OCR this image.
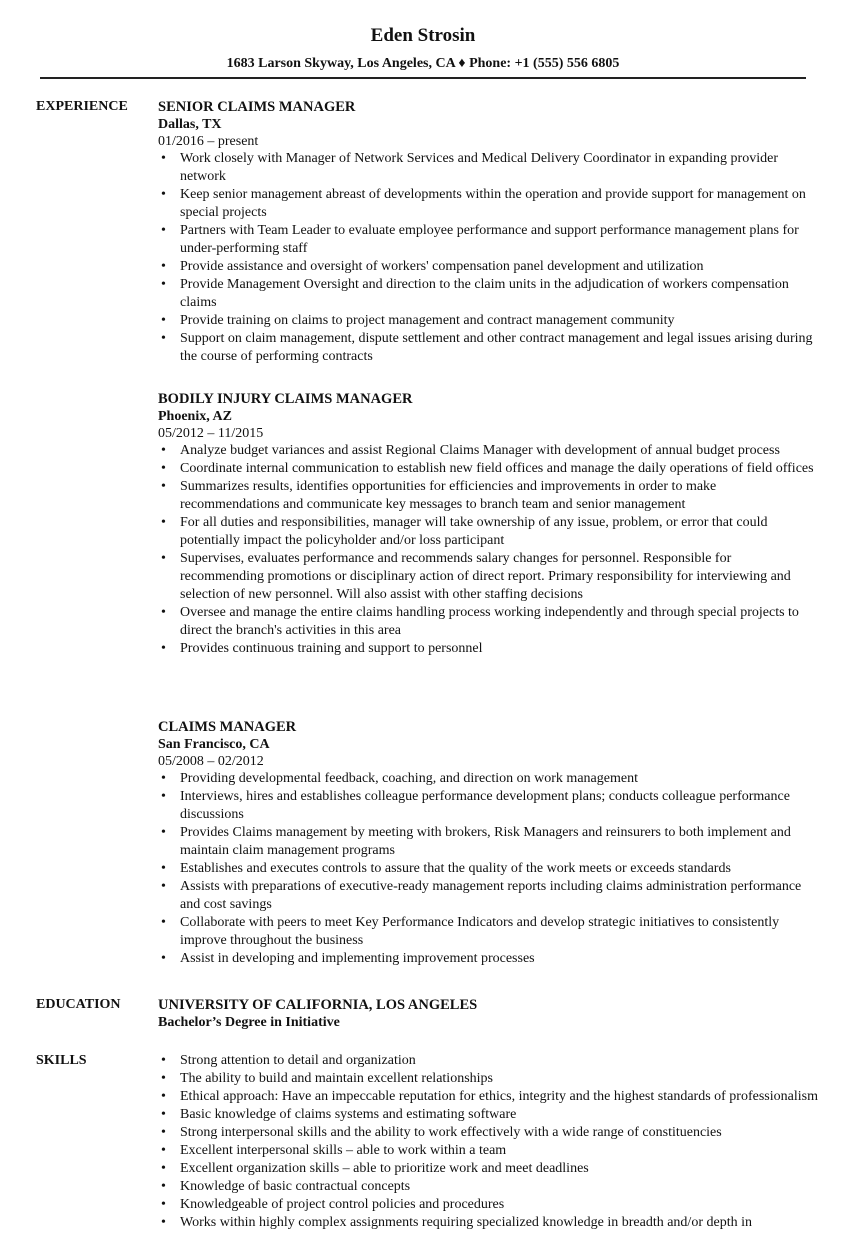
Eden Strosin
1683 Larson Skyway, Los Angeles, CA ♦ Phone: +1 (555) 556 6805
EXPERIENCE SENIOR CLAIMS MANAGER
Dallas, TX
01/2016 – present
• Work closely with Manager of Network Services and Medical Delivery Coordinator in expanding provider network
• Keep senior management abreast of developments within the operation and provide support for management on special projects
• Partners with Team Leader to evaluate employee performance and support performance management plans for under-performing staff
• Provide assistance and oversight of workers' compensation panel development and utilization
• Provide Management Oversight and direction to the claim units in the adjudication of workers compensation claims
• Provide training on claims to project management and contract management community
• Support on claim management, dispute settlement and other contract management and legal issues arising during the course of performing contracts
BODILY INJURY CLAIMS MANAGER
Phoenix, AZ
05/2012 – 11/2015
• Analyze budget variances and assist Regional Claims Manager with development of annual budget process
• Coordinate internal communication to establish new field offices and manage the daily operations of field offices
• Summarizes results, identifies opportunities for efficiencies and improvements in order to make recommendations and communicate key messages to branch team and senior management
• For all duties and responsibilities, manager will take ownership of any issue, problem, or error that could potentially impact the policyholder and/or loss participant
• Supervises, evaluates performance and recommends salary changes for personnel. Responsible for recommending promotions or disciplinary action of direct report. Primary responsibility for interviewing and selection of new personnel. Will also assist with other staffing decisions
• Oversee and manage the entire claims handling process working independently and through special projects to direct the branch's activities in this area
• Provides continuous training and support to personnel
CLAIMS MANAGER
San Francisco, CA
05/2008 – 02/2012
• Providing developmental feedback, coaching, and direction on work management
• Interviews, hires and establishes colleague performance development plans; conducts colleague performance discussions
• Provides Claims management by meeting with brokers, Risk Managers and reinsurers to both implement and maintain claim management programs
• Establishes and executes controls to assure that the quality of the work meets or exceeds standards
• Assists with preparations of executive-ready management reports including claims administration performance and cost savings
• Collaborate with peers to meet Key Performance Indicators and develop strategic initiatives to consistently improve throughout the business
• Assist in developing and implementing improvement processes
EDUCATION	UNIVERSITY OF CALIFORNIA, LOS ANGELES
Bachelor’s Degree in Initiative
SKILLS
•	Strong attention to detail and organization
• The ability to build and maintain excellent relationships
• Ethical approach: Have an impeccable reputation for ethics, integrity and the highest standards of professionalism
• Basic knowledge of claims systems and estimating software
• Strong interpersonal skills and the ability to work effectively with a wide range of constituencies
• Excellent interpersonal skills – able to work within a team
• Excellent organization skills – able to prioritize work and meet deadlines
• Knowledge of basic contractual concepts
• Knowledgeable of project control policies and procedures
• Works within highly complex assignments requiring specialized knowledge in breadth and/or depth in
